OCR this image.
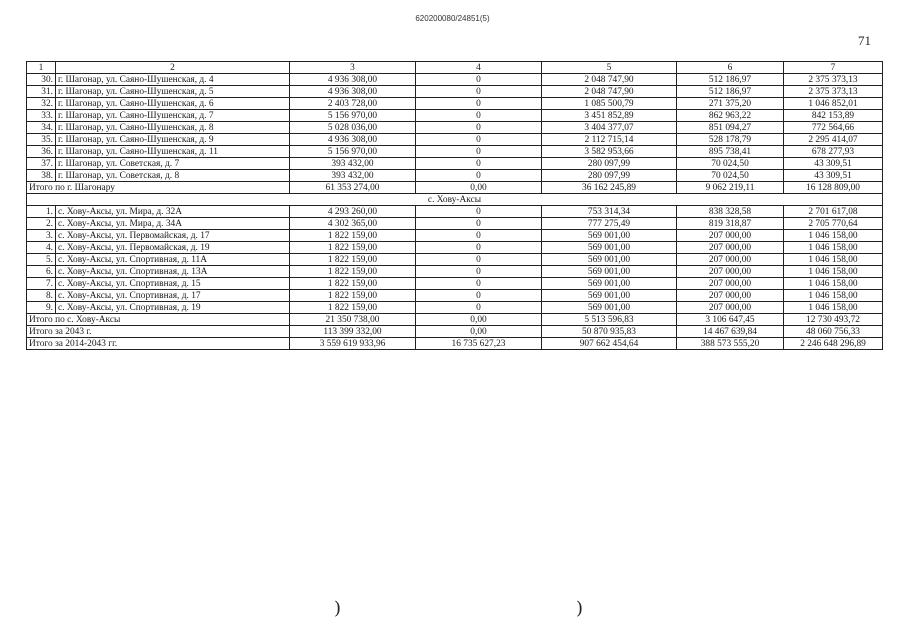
620200080/24851(5)
71
1	2	3	4	5	6	7
30.	г. Шагонар, ул. Саяно-Шушенская, д. 4	4 936 308,00	0	2 048 747,90	512 186,97	2 375 373,13
31.	г. Шагонар, ул. Саяно-Шушенская, д. 5	4 936 308,00	0	2 048 747,90	512 186,97	2 375 373,13
32.	г. Шагонар, ул. Саяно-Шушенская, д. 6	2 403 728,00	0	1 085 500,79	271 375,20	1 046 852,01
33.	г. Шагонар, ул. Саяно-Шушенская, д. 7	5 156 970,00	0	3 451 852,89	862 963,22	842 153,89
34.	г. Шагонар, ул. Саяно-Шушенская, д. 8	5 028 036,00	0	3 404 377,07	851 094,27	772 564,66
35.	г. Шагонар, ул. Саяно-Шушенская, д. 9	4 936 308,00	0	2 112 715,14	528 178,79	2 295 414,07
36.	г. Шагонар, ул. Саяно-Шушенская, д. 11	5 156 970,00	0	3 582 953,66	895 738,41	678 277,93
37.	г. Шагонар, ул. Советская, д. 7	393 432,00	0	280 097,99	70 024,50	43 309,51
38.	г. Шагонар, ул. Советская, д. 8	393 432,00	0	280 097,99	70 024,50	43 309,51
Итого по г. Шагонару		61 353 274,00	0,00	36 162 245,89	9 062 219,11	16 128 809,00
с. Хову-Аксы						
1.	с. Хову-Аксы, ул. Мира, д. 32А	4 293 260,00	0	753 314,34	838 328,58	2 701 617,08
2.	с. Хову-Аксы, ул. Мира, д. 34А	4 302 365,00	0	777 275,49	819 318,87	2 705 770,64
3.	с. Хову-Аксы, ул. Первомайская, д. 17	1 822 159,00	0	569 001,00	207 000,00	1 046 158,00
4.	с. Хову-Аксы, ул. Первомайская, д. 19	1 822 159,00	0	569 001,00	207 000,00	1 046 158,00
5.	с. Хову-Аксы, ул. Спортивная, д. 11А	1 822 159,00	0	569 001,00	207 000,00	1 046 158,00
6.	с. Хову-Аксы, ул. Спортивная, д. 13А	1 822 159,00	0	569 001,00	207 000,00	1 046 158,00
7.	с. Хову-Аксы, ул. Спортивная, д. 15	1 822 159,00	0	569 001,00	207 000,00	1 046 158,00
8.	с. Хову-Аксы, ул. Спортивная, д. 17	1 822 159,00	0	569 001,00	207 000,00	1 046 158,00
9.	с. Хову-Аксы, ул. Спортивная, д. 19	1 822 159,00	0	569 001,00	207 000,00	1 046 158,00
Итого по с. Хову-Аксы		21 350 738,00	0,00	5 513 596,83	3 106 647,45	12 730 493,72
Итого за 2043 г.		113 399 332,00	0,00	50 870 935,83	14 467 639,84	48 060 756,33
Итого за 2014-2043 гг.		3 559 619 933,96	16 735 627,23	907 662 454,64	388 573 555,20	2 246 648 296,89
)	)
